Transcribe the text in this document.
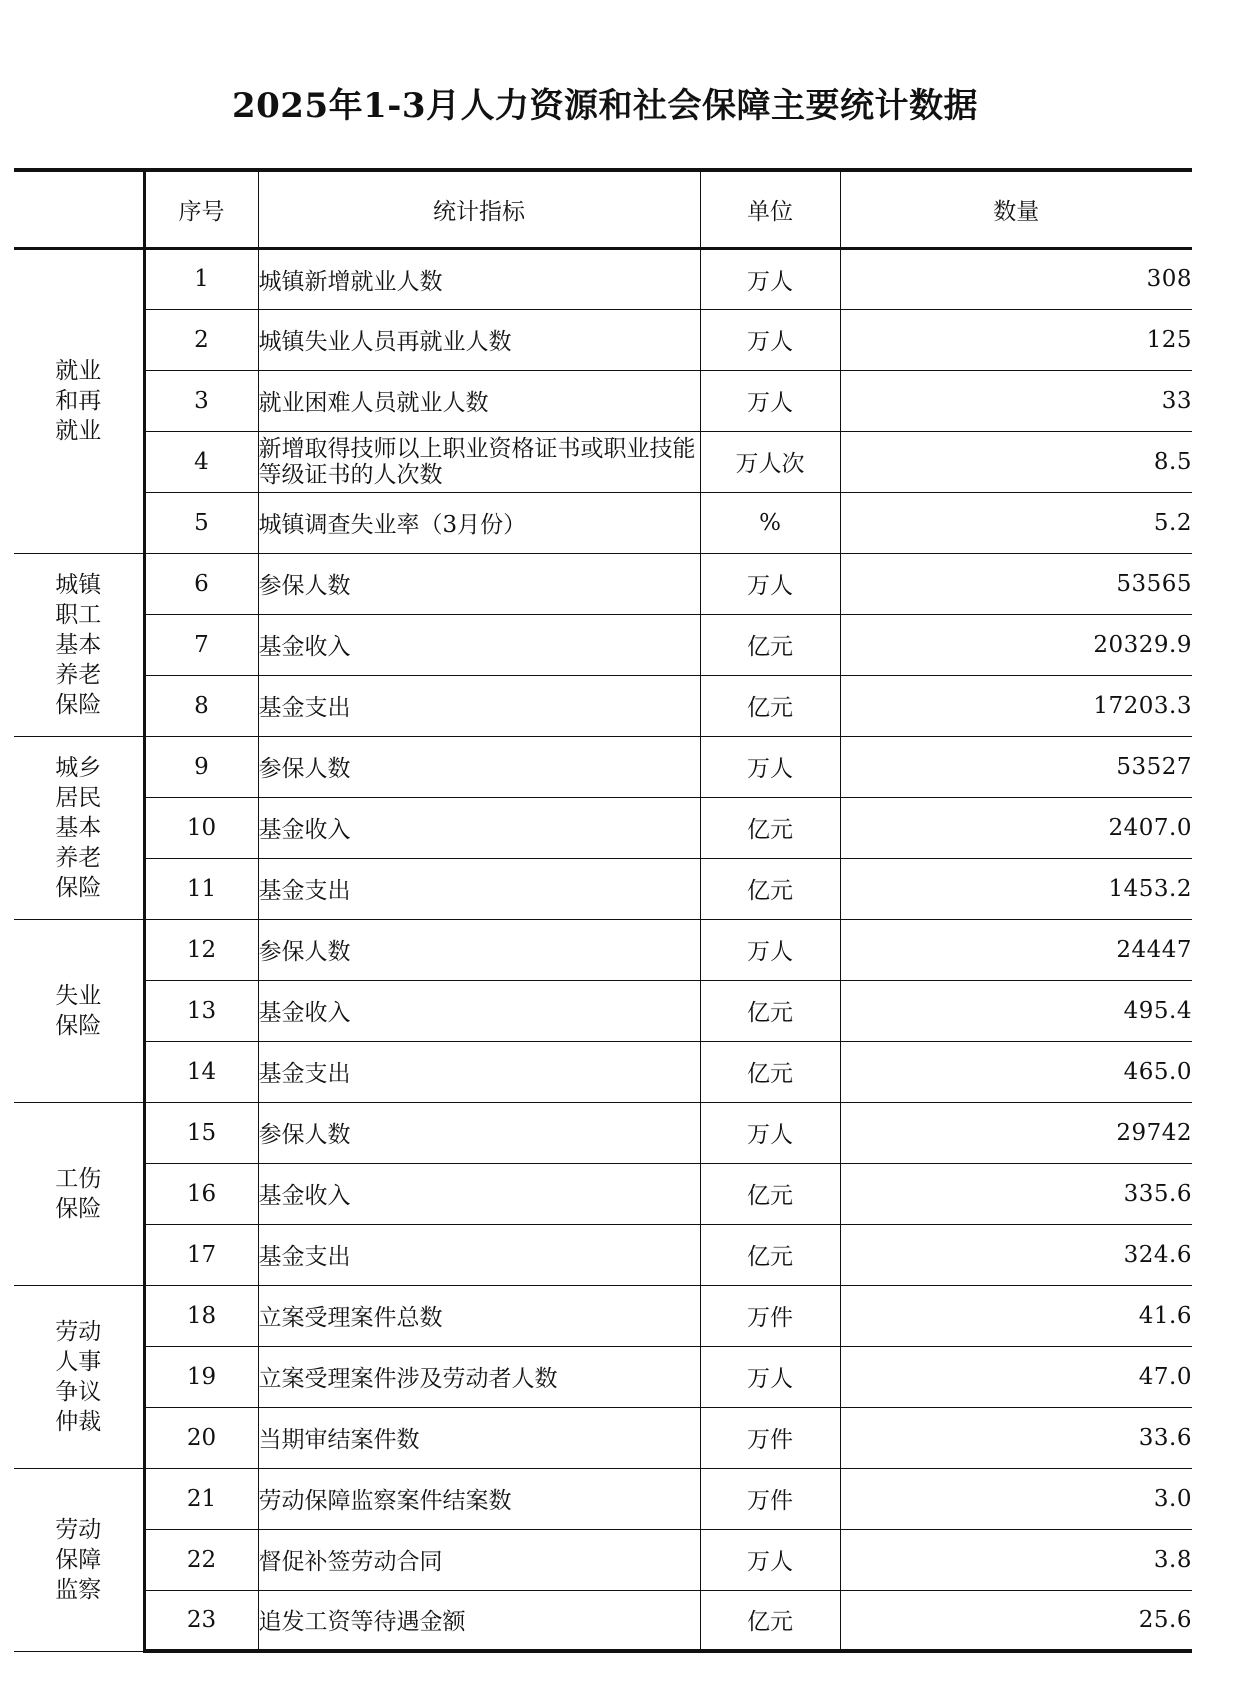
2025年1-3月人力资源和社会保障主要统计数据
	序号	统计指标	单位	数量
就业和再就业	1	城镇新增就业人数	万人	308
	2	城镇失业人员再就业人数	万人	125
	3	就业困难人员就业人数	万人	33
	4	新增取得技师以上职业资格证书或职业技能等级证书的人次数	万人次	8.5
	5	城镇调查失业率（3月份）	%	5.2
城镇职工基本养老保险	6	参保人数	万人	53565
	7	基金收入	亿元	20329.9
	8	基金支出	亿元	17203.3
城乡居民基本养老保险	9	参保人数	万人	53527
	10	基金收入	亿元	2407.0
	11	基金支出	亿元	1453.2
失业保险	12	参保人数	万人	24447
	13	基金收入	亿元	495.4
	14	基金支出	亿元	465.0
工伤保险	15	参保人数	万人	29742
	16	基金收入	亿元	335.6
	17	基金支出	亿元	324.6
劳动人事争议仲裁	18	立案受理案件总数	万件	41.6
	19	立案受理案件涉及劳动者人数	万人	47.0
	20	当期审结案件数	万件	33.6
劳动保障监察	21	劳动保障监察案件结案数	万件	3.0
	22	督促补签劳动合同	万人	3.8
	23	追发工资等待遇金额	亿元	25.6
